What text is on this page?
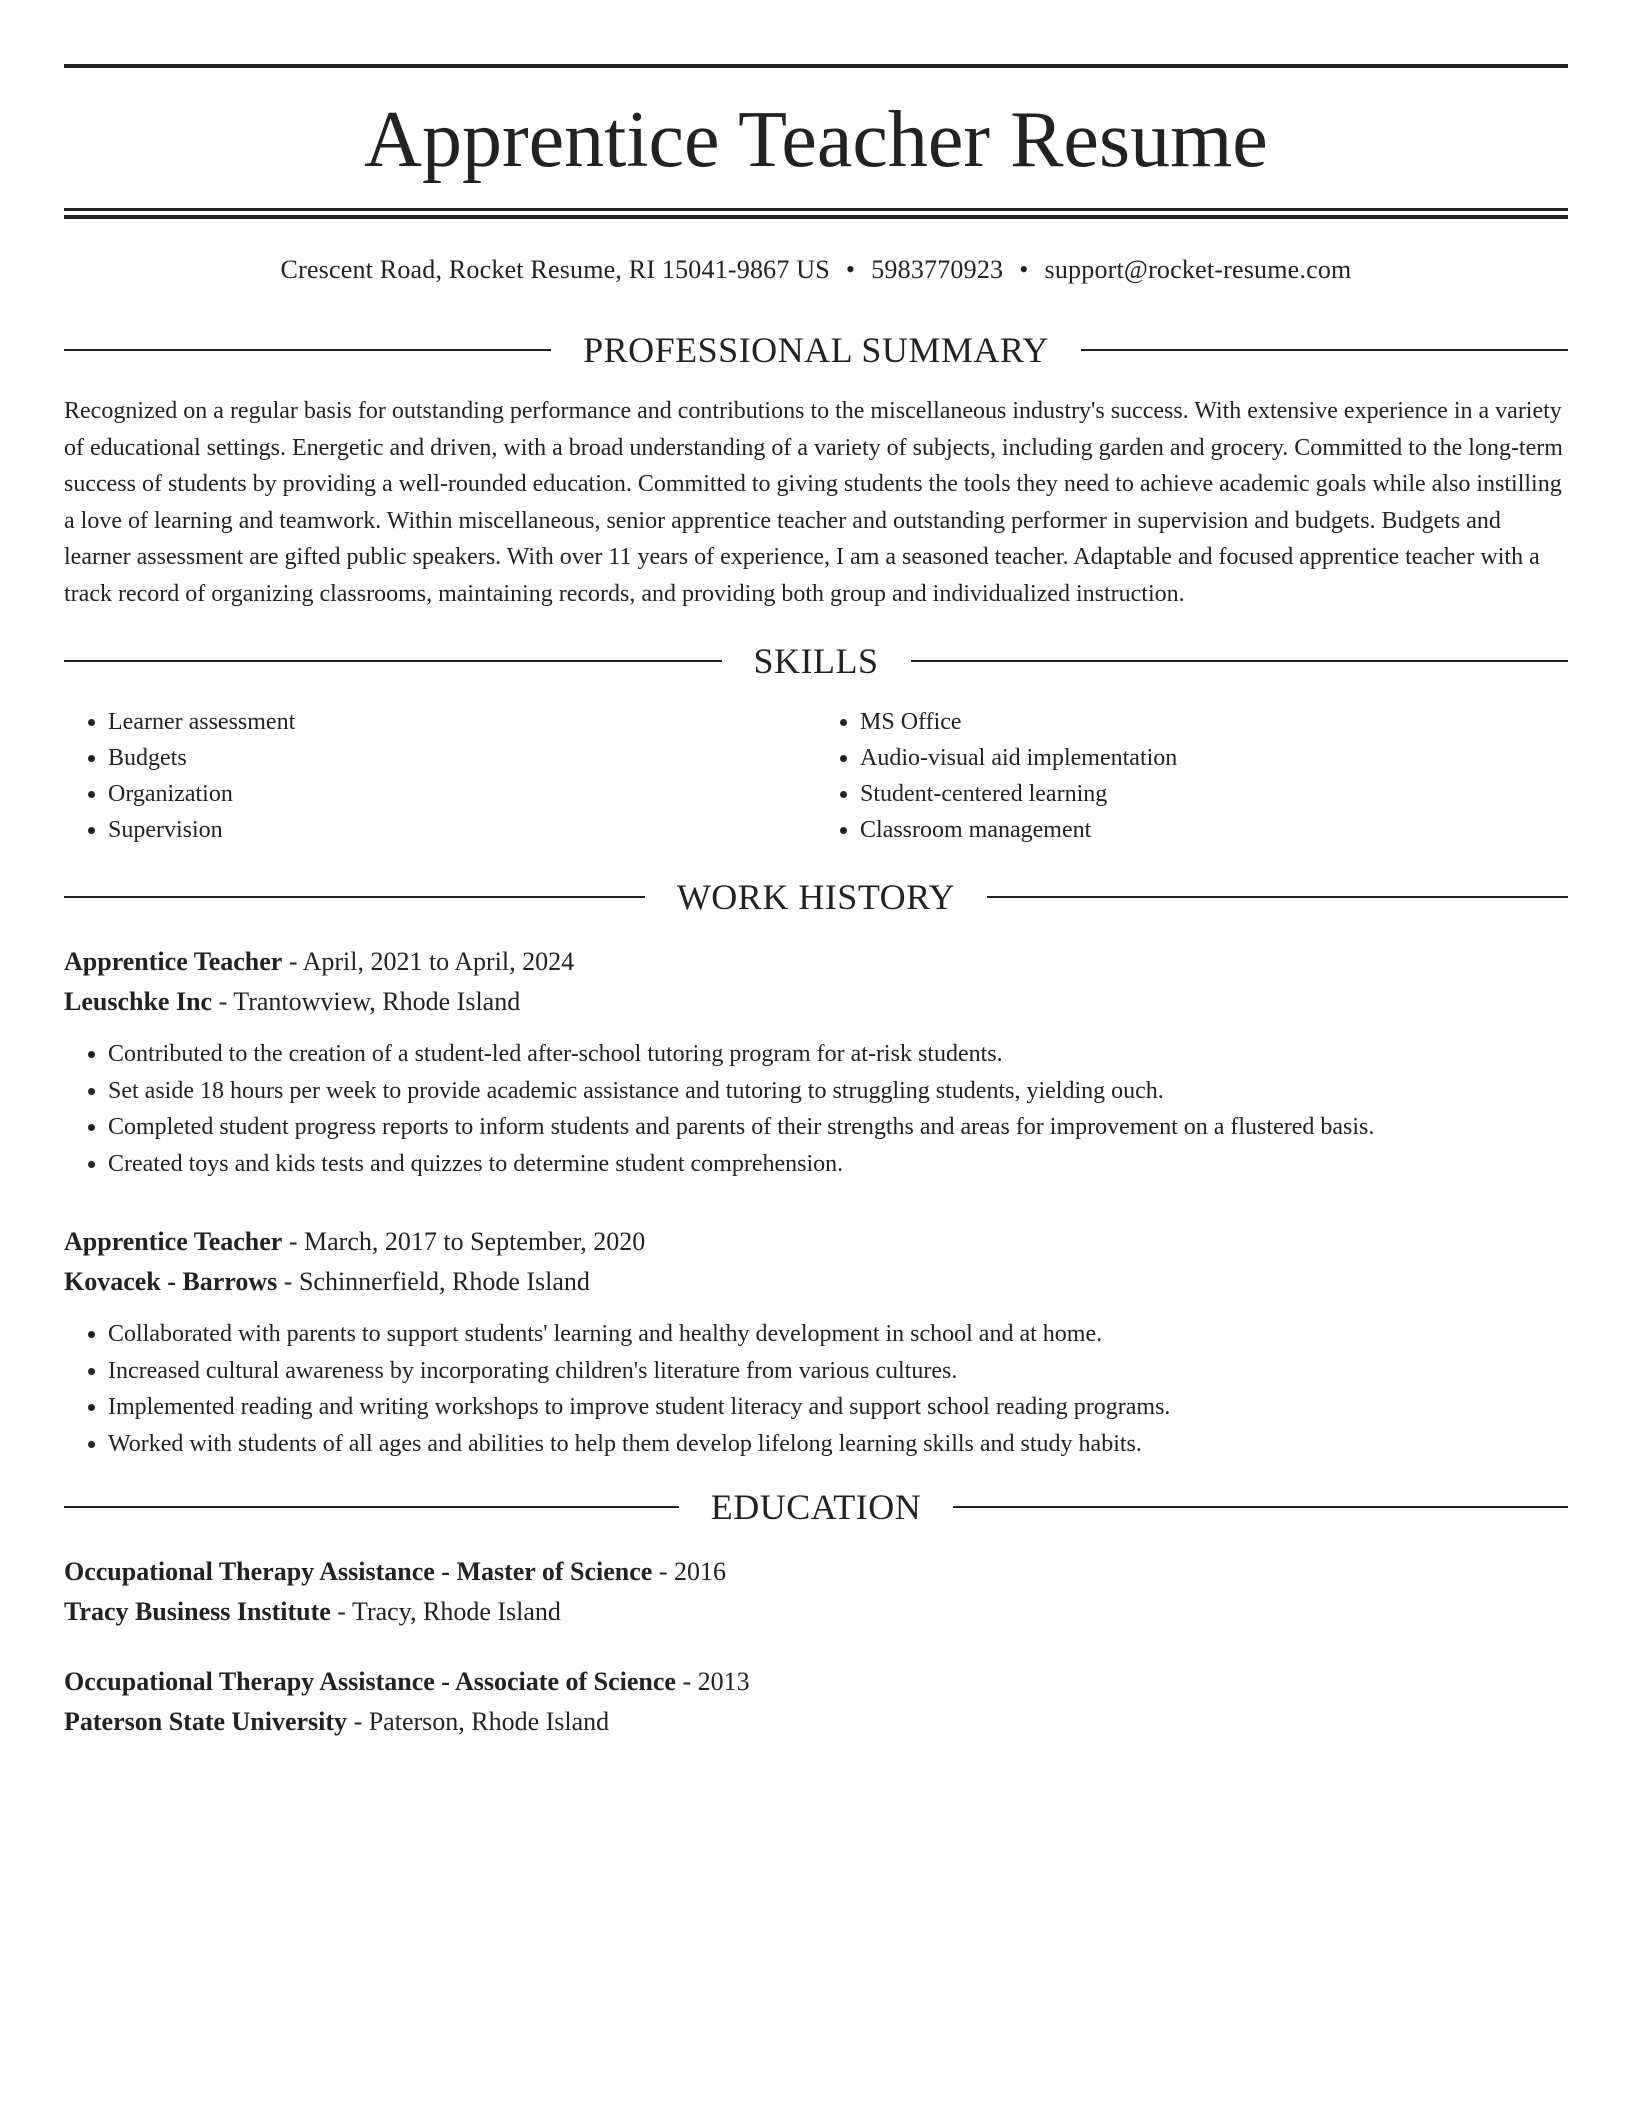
Apprentice Teacher Resume
Crescent Road, Rocket Resume, RI 15041-9867 US • 5983770923 • support@rocket-resume.com
PROFESSIONAL SUMMARY
Recognized on a regular basis for outstanding performance and contributions to the miscellaneous industry's success. With extensive experience in a variety of educational settings. Energetic and driven, with a broad understanding of a variety of subjects, including garden and grocery. Committed to the long-term success of students by providing a well-rounded education. Committed to giving students the tools they need to achieve academic goals while also instilling a love of learning and teamwork. Within miscellaneous, senior apprentice teacher and outstanding performer in supervision and budgets. Budgets and learner assessment are gifted public speakers. With over 11 years of experience, I am a seasoned teacher. Adaptable and focused apprentice teacher with a track record of organizing classrooms, maintaining records, and providing both group and individualized instruction.
SKILLS
• Learner assessment
• Budgets
• Organization
• Supervision
• MS Office
• Audio-visual aid implementation
• Student-centered learning
• Classroom management
WORK HISTORY
Apprentice Teacher - April, 2021 to April, 2024
Leuschke Inc - Trantowview, Rhode Island
• Contributed to the creation of a student-led after-school tutoring program for at-risk students.
• Set aside 18 hours per week to provide academic assistance and tutoring to struggling students, yielding ouch.
• Completed student progress reports to inform students and parents of their strengths and areas for improvement on a flustered basis.
• Created toys and kids tests and quizzes to determine student comprehension.
Apprentice Teacher - March, 2017 to September, 2020
Kovacek - Barrows - Schinnerfield, Rhode Island
• Collaborated with parents to support students' learning and healthy development in school and at home.
• Increased cultural awareness by incorporating children's literature from various cultures.
• Implemented reading and writing workshops to improve student literacy and support school reading programs.
• Worked with students of all ages and abilities to help them develop lifelong learning skills and study habits.
EDUCATION
Occupational Therapy Assistance - Master of Science - 2016
Tracy Business Institute - Tracy, Rhode Island
Occupational Therapy Assistance - Associate of Science - 2013
Paterson State University - Paterson, Rhode Island
